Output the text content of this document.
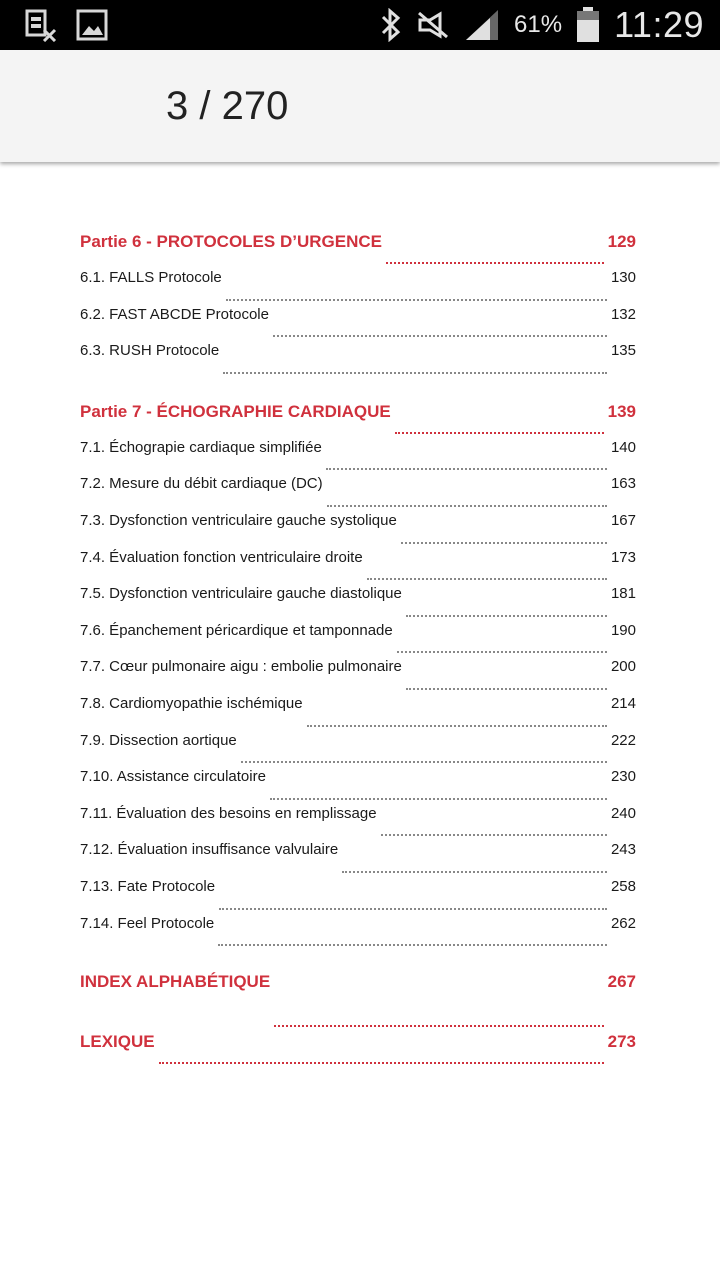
61% 11:29
3 / 270
Partie 6 - PROTOCOLES D’URGENCE	129
6.1. FALLS Protocole	130
6.2. FAST ABCDE Protocole	132
6.3. RUSH Protocole	135
Partie 7 - ÉCHOGRAPHIE CARDIAQUE	139
7.1. Échograpie cardiaque simplifiée	140
7.2. Mesure du débit cardiaque (DC)	163
7.3. Dysfonction ventriculaire gauche systolique	167
7.4. Évaluation fonction ventriculaire droite	173
7.5. Dysfonction ventriculaire gauche diastolique	181
7.6. Épanchement péricardique et tamponnade	190
7.7. Cœur pulmonaire aigu : embolie pulmonaire	200
7.8. Cardiomyopathie ischémique	214
7.9. Dissection aortique	222
7.10. Assistance circulatoire	230
7.11. Évaluation des besoins en remplissage	240
7.12. Évaluation insuffisance valvulaire	243
7.13. Fate Protocole	258
7.14. Feel Protocole	262
INDEX ALPHABÉTIQUE	267
LEXIQUE	273
